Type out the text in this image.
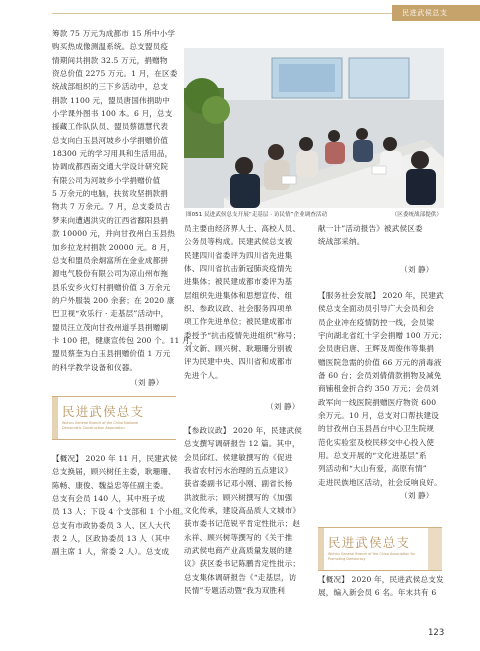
民进武侯总支

筹款 75 万元为成都市 15 所中小学
购买热成像测温系统。总支盟员疫
情期间共捐款 32.5 万元，捐赠物
资总价值 2275 万元。1 月，在区委
统战部组织的三下乡活动中，总支
捐款 1100 元，盟员唐国伟捐助中
小学课外图书 100 本。6 月，总支
援藏工作队队员、盟员蔡德慧代表
总支向白玉县河坡乡小学捐赠价值
18300 元的学习用具和生活用品，
协调成都西南交通大学设计研究院
有限公司为河坡乡小学捐赠价值
5 万余元的电脑，扶贫攻坚捐款捐
物共 7 万余元。7 月，总支委员古
梦来向遭遇洪灾的江西省鄱阳县捐
款 10000 元，并向甘孜州白玉县热
加乡拉龙村捐款 20000 元。8 月，
总支和盟员余炯富所在金业成都拼
源电气股份有限公司为凉山州布拖
县乐安乡火灯村捐赠价值 3 万余元
的户外服装 200 余套；在 2020 康
巴卫视“欢乐行 · 走基层”活动中，
盟员汪立茂向甘孜州道孚县捐赠刷
卡 100 把，健康宣传包 200 个。11 月，
盟员蔡奎为白玉县捐赠价值 1 万元
的科学教学设备和仪器。

（刘 静）

民进武侯总支
Wuhou General Branch of the China National
Democratic Construction Association

【概况】 2020 年 11 月，民建武侯
总支换届，顾兴树任主委，耿珊珊、
陈畅、康俊、魏益忠等任副主委。
总支有会员 140 人，其中班子成
员 13 人；下设 4 个支部和 1 个小组。
总支有市政协委员 3 人、区人大代
表 2 人，区政协委员 13 人（其中
副主席 1 人，常委 2 人）。总支成

图051 民进武侯总支开展“走基层 · 访民情”企业调查活动	（区委统战部提供）

员主要由经济界人士、高校人员、
公务员等构成。民建武侯总支被
民建四川省委评为四川省先进集
体、四川省抗击新冠肺炎疫情先
进集体；被民建成都市委评为基
层组织先进集体和思想宣传、组
织、参政议政、社会服务四项单
项工作先进单位；被民建成都市
委授予“抗击疫情先进组织”称号；
刘文新、顾兴树、耿珊珊分别被
评为民建中央、四川省和成都市
先进个人。

（刘 静）

【参政议政】 2020 年，民建武侯
总支撰写调研报告 12 篇。其中，
会员邱红、侯建敏撰写的《促进
我省农村污水治理的五点建议》
获省委副书记邓小刚、副省长杨
洪波批示；顾兴树撰写的《加强
文化传承，建设高品质人文城市》
获市委书记范锐平肯定性批示；赵
永祥、顾兴树等撰写的《关于推
动武侯电商产业高质量发展的建
议》获区委书记陈鹏肯定性批示；
总支集体调研报告《“走基层，访
民情”专题活动暨“我为双胜利

献一计”活动报告》被武侯区委
统战部采纳。

（刘 静）

【服务社会发展】 2020 年，民建武
侯总支全面动员引导广大会员和会
员企业冲在疫情防控一线，会员梁
宇向湖北省红十字会捐赠 100 万元；
会员唐启唐、王辉及周俊伟等集捐
赠医院急需的价值 66 万元的消毒液
备 60 台；会员刘倩倩款捐物及减免
商铺租金折合约 350 万元；会员刘
政军向一线医院捐赠医疗物资 600
余万元。10 月，总支对口帮扶建设
的甘孜州白玉县昌台中心卫生院规
范化实验室及校民移交中心投入使
用。总支开展的“文化进基层”系
列活动和“大山有爱，高原有情”
走进民族地区活动，社会反响良好。

（刘 静）

民进武侯总支
Wuhou General Branch of the China Association for
Promoting Democracy

【概况】 2020 年，民进武侯总支发
展，编入新会员 6 名。年末共有 6

123
